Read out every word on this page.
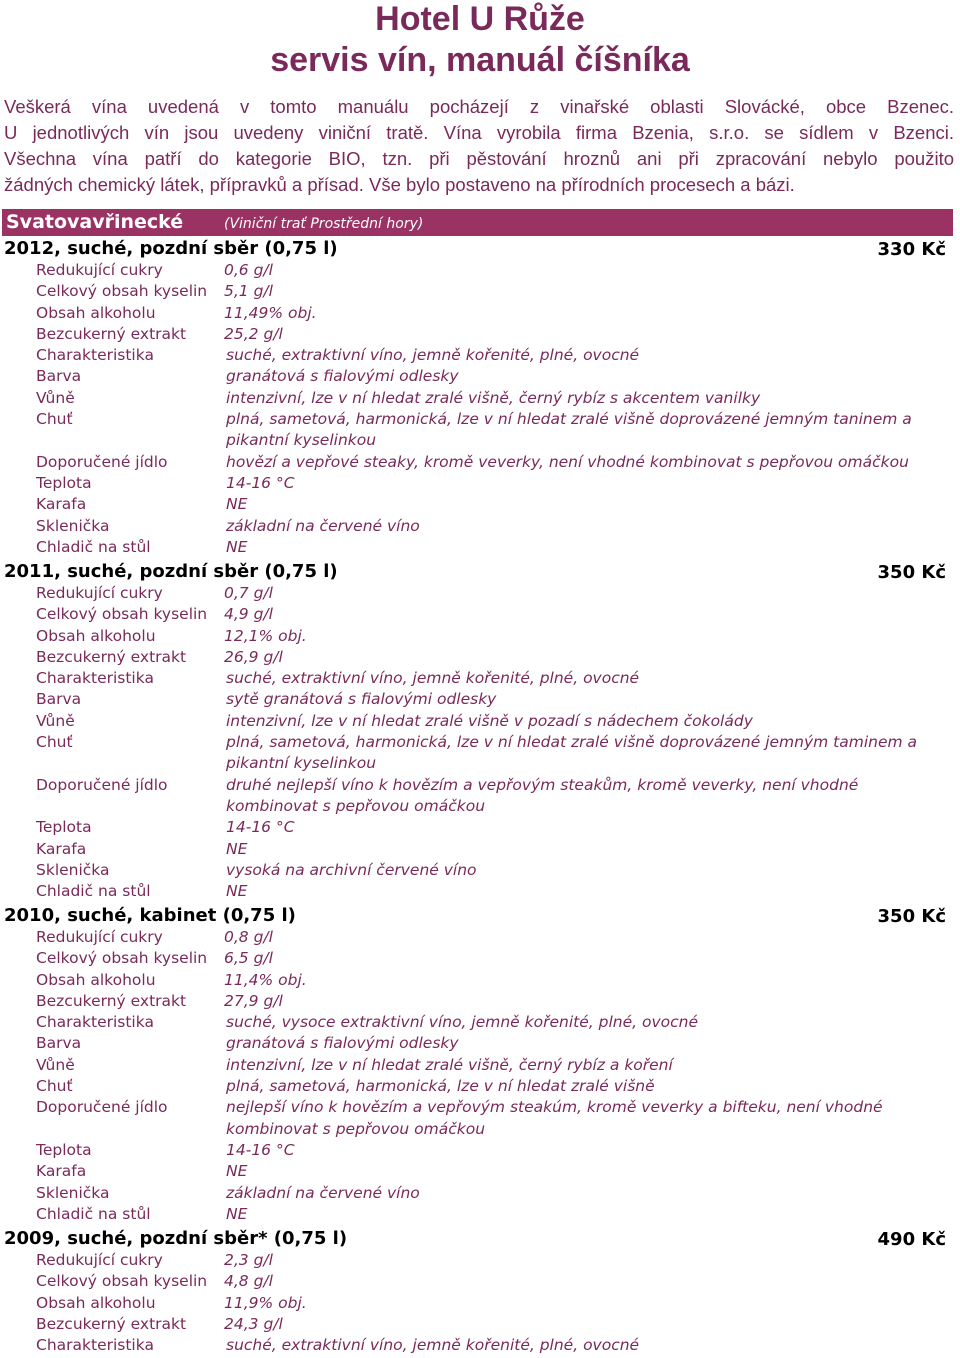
Hotel U Růže
servis vín, manuál číšníka

Veškerá vína uvedená v tomto manuálu pocházejí z vinařské oblasti Slovácké, obce Bzenec.

U jednotlivých vín jsou uvedeny viniční tratě. Vína vyrobila firma Bzenia, s.r.o. se sídlem v Bzenci.

Všechna vína patří do kategorie BIO, tzn. při pěstování hroznů ani při zpracování nebylo použito

žádných chemický látek, přípravků a přísad. Vše bylo postaveno na přírodních procesech a bázi.

Svatovavřinecké	(Viniční trať Prostřední hory)
2012, suché, pozdní sběr (0,75 l)	330 Kč
Redukující cukry	0,6 g/l
Celkový obsah kyselin 5,1 g/l
Obsah alkoholu	11,49% obj.
Bezcukerný extrakt 25,2 g/l
Charakteristika	suché, extraktivní víno, jemně kořenité, plné, ovocné
Barva	granátová s fialovými odlesky
Vůně	intenzivní, lze v ní hledat zralé višně, černý rybíz s akcentem vanilky
Chuť	plná, sametová, harmonická, lze v ní hledat zralé višně doprovázené jemným taninem a pikantní kyselinkou
Doporučené jídlo	hovězí a vepřové steaky, kromě veverky, není vhodné kombinovat s pepřovou omáčkou
Teplota	14-16 °C
Karafa	NE
Sklenička	základní na červené víno
Chladič na stůl	NE
2011, suché, pozdní sběr (0,75 l)	350 Kč
Redukující cukry	0,7 g/l
Celkový obsah kyselin 4,9 g/l
Obsah alkoholu	12,1% obj.
Bezcukerný extrakt 26,9 g/l
Charakteristika	suché, extraktivní víno, jemně kořenité, plné, ovocné
Barva	sytě granátová s fialovými odlesky
Vůně	intenzivní, lze v ní hledat zralé višně v pozadí s nádechem čokolády
Chuť	plná, sametová, harmonická, lze v ní hledat zralé višně doprovázené jemným taminem a pikantní kyselinkou
Doporučené jídlo	druhé nejlepší víno k hovězím a vepřovým steakům, kromě veverky, není vhodné kombinovat s pepřovou omáčkou
Teplota	14-16 °C
Karafa	NE
Sklenička	vysoká na archivní červené víno
Chladič na stůl	NE
2010, suché, kabinet (0,75 l)	350 Kč
Redukující cukry	0,8 g/l
Celkový obsah kyselin 6,5 g/l
Obsah alkoholu	11,4% obj.
Bezcukerný extrakt 27,9 g/l
Charakteristika	suché, vysoce extraktivní víno, jemně kořenité, plné, ovocné
Barva	granátová s fialovými odlesky
Vůně	intenzivní, lze v ní hledat zralé višně, černý rybíz a koření
Chuť	plná, sametová, harmonická, lze v ní hledat zralé višně
Doporučené jídlo	nejlepší víno k hovězím a vepřovým steakúm, kromě veverky a bifteku, není vhodné kombinovat s pepřovou omáčkou
Teplota	14-16 °C
Karafa	NE
Sklenička	základní na červené víno
Chladič na stůl	NE
2009, suché, pozdní sběr* (0,75 l)	490 Kč
Redukující cukry	2,3 g/l
Celkový obsah kyselin 4,8 g/l
Obsah alkoholu	11,9% obj.
Bezcukerný extrakt 24,3 g/l
Charakteristika	suché, extraktivní víno, jemně kořenité, plné, ovocné
